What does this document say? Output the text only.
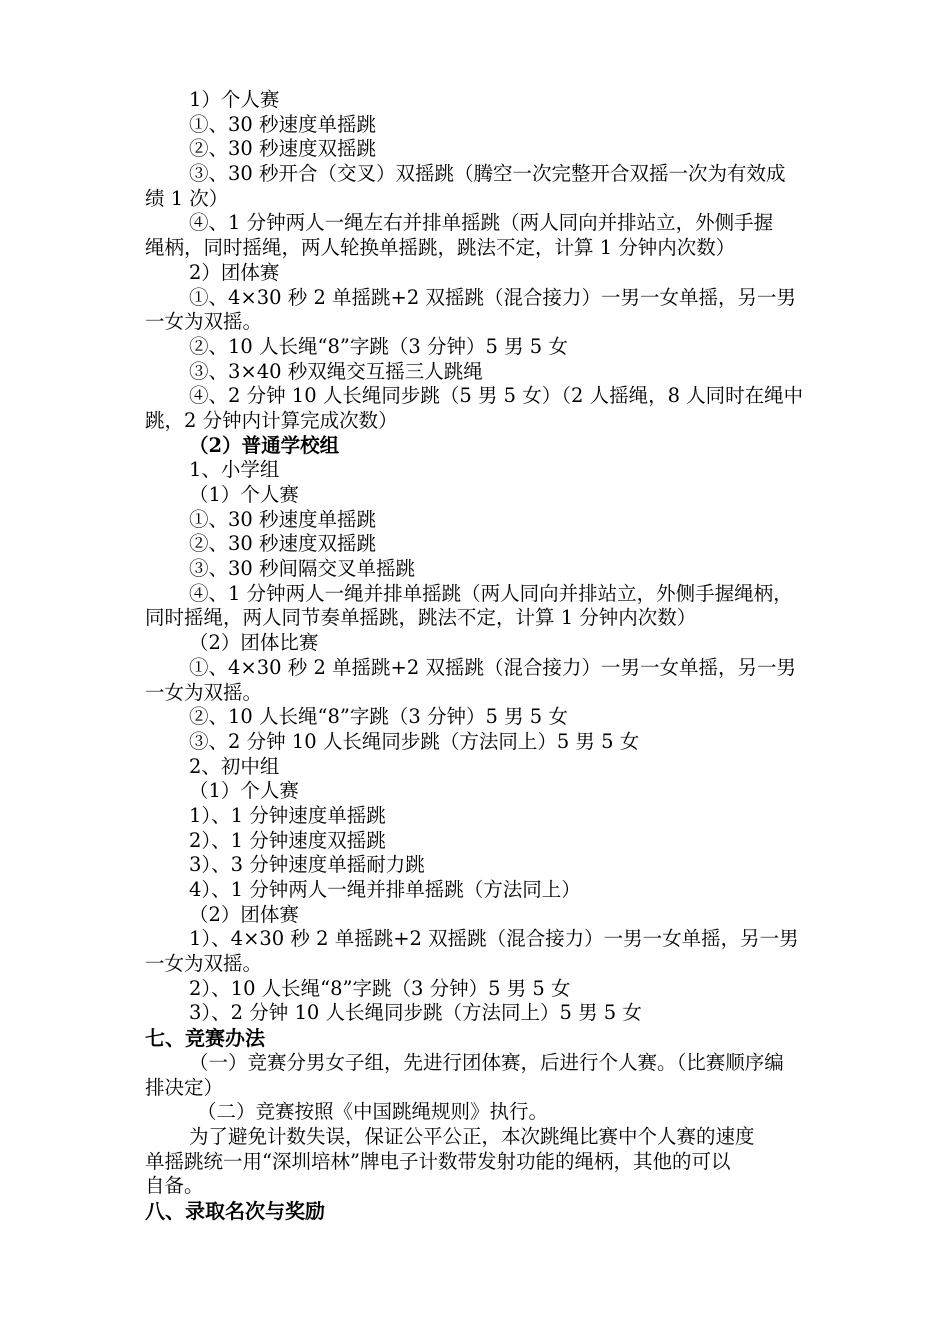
1）个人赛
①、30 秒速度单摇跳
②、30 秒速度双摇跳
③、30 秒开合（交叉）双摇跳（腾空一次完整开合双摇一次为有效成
绩 1 次）
④、1 分钟两人一绳左右并排单摇跳（两人同向并排站立，外侧手握
绳柄，同时摇绳，两人轮换单摇跳，跳法不定，计算 1 分钟内次数）
2）团体赛
①、4×30 秒 2 单摇跳+2 双摇跳（混合接力）一男一女单摇，另一男
一女为双摇。
②、10 人长绳“8”字跳（3 分钟）5 男 5 女
③、3×40 秒双绳交互摇三人跳绳
④、2 分钟 10 人长绳同步跳（5 男 5 女）（2 人摇绳，8 人同时在绳中
跳，2 分钟内计算完成次数）
（2）普通学校组
1、小学组
（1）个人赛
①、30 秒速度单摇跳
②、30 秒速度双摇跳
③、30 秒间隔交叉单摇跳
④、1 分钟两人一绳并排单摇跳（两人同向并排站立，外侧手握绳柄，
同时摇绳，两人同节奏单摇跳，跳法不定，计算 1 分钟内次数）
（2）团体比赛
①、4×30 秒 2 单摇跳+2 双摇跳（混合接力）一男一女单摇，另一男
一女为双摇。
②、10 人长绳“8”字跳（3 分钟）5 男 5 女
③、2 分钟 10 人长绳同步跳（方法同上）5 男 5 女
2、初中组
（1）个人赛
1）、1 分钟速度单摇跳
2）、1 分钟速度双摇跳
3）、3 分钟速度单摇耐力跳
4）、1 分钟两人一绳并排单摇跳（方法同上）
（2）团体赛
1）、4×30 秒 2 单摇跳+2 双摇跳（混合接力）一男一女单摇，另一男
一女为双摇。
2）、10 人长绳“8”字跳（3 分钟）5 男 5 女
3）、2 分钟 10 人长绳同步跳（方法同上）5 男 5 女
七、竞赛办法
（一）竞赛分男女子组，先进行团体赛，后进行个人赛。（比赛顺序编
排决定）
（二）竞赛按照《中国跳绳规则》执行。
为了避免计数失误，保证公平公正，本次跳绳比赛中个人赛的速度
单摇跳统一用“深圳培林”牌电子计数带发射功能的绳柄，其他的可以
自备。
八、录取名次与奖励
